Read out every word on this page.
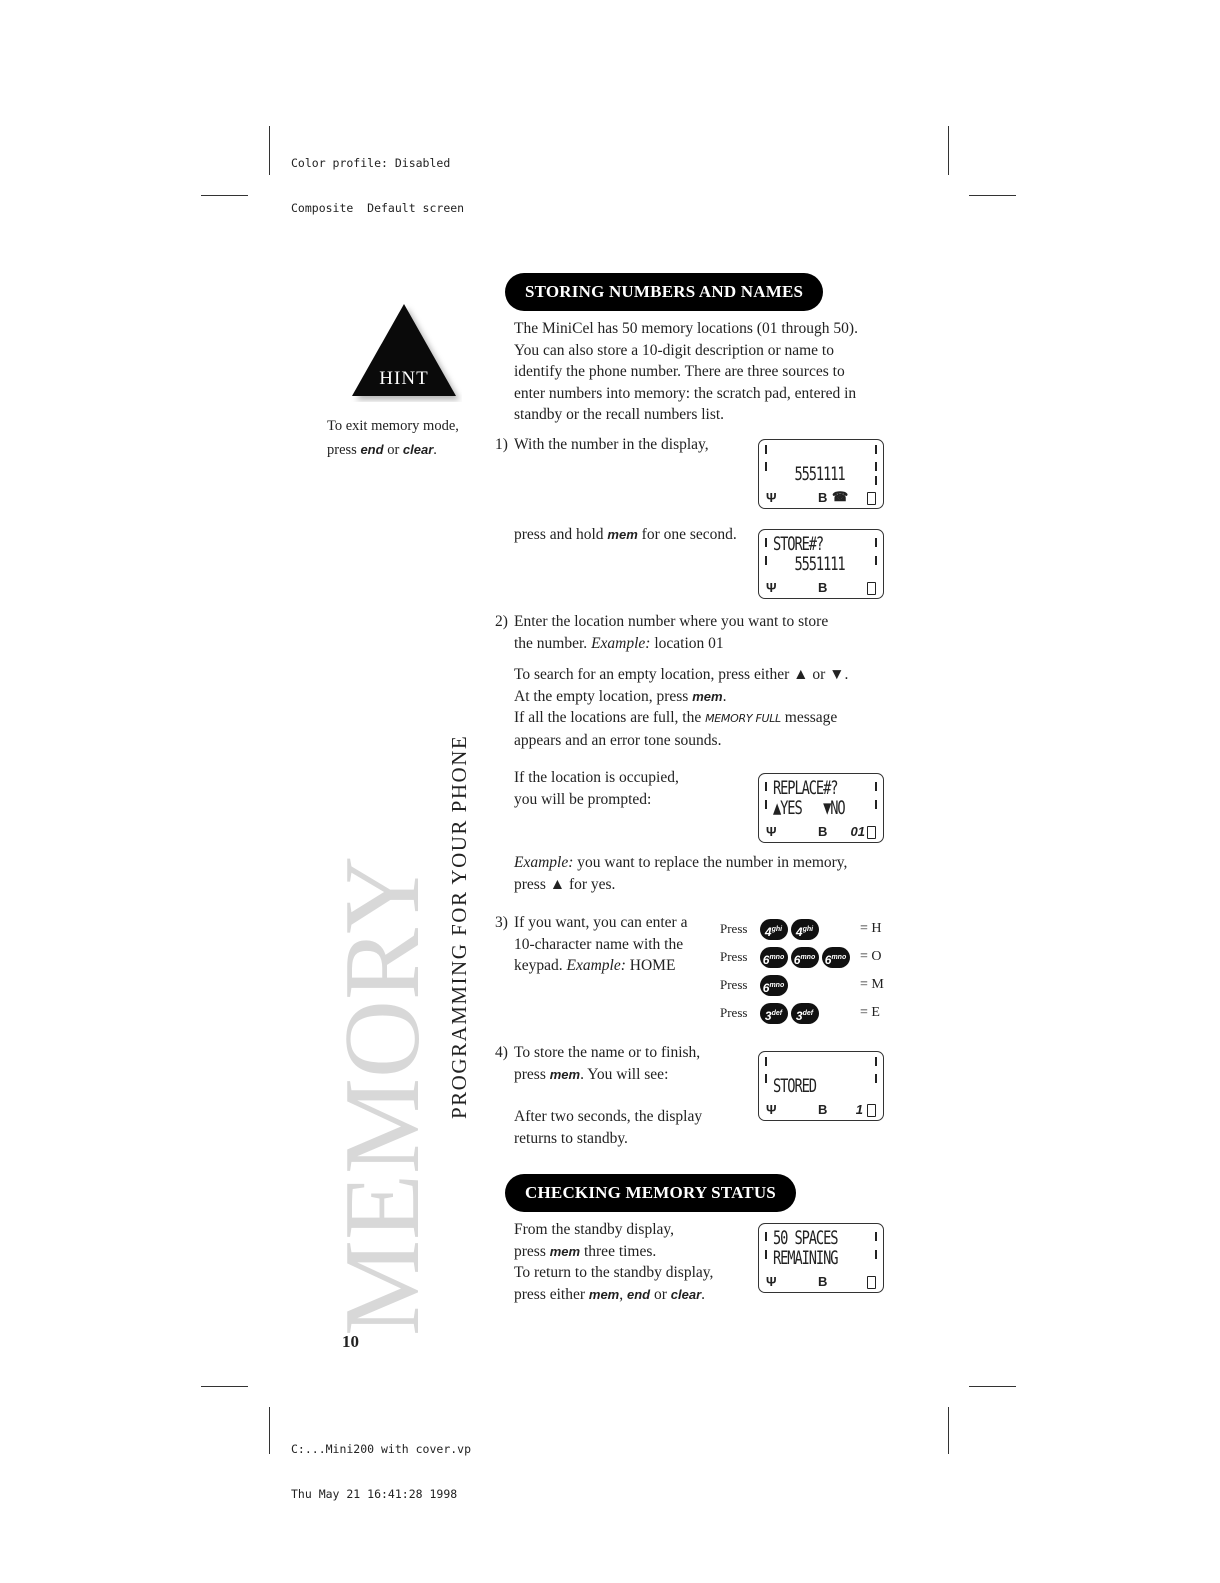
Color profile: Disabled

Composite  Default screen

C:...Mini200 with cover.vp

Thu May 21 16:41:28 1998

HINT
To exit memory mode,
press end or clear.
MEMORY PROGRAMMING FOR YOUR PHONE
10
STORING NUMBERS AND NAMES
The MiniCel has 50 memory locations (01 through 50).
You can also store a 10-digit description or name to
identify the phone number. There are three sources to
enter numbers into memory: the scratch pad, entered in
standby or the recall numbers list.
1) With the number in the display,
5551111
Ψ	B ☎
press and hold mem for one second. STORE#?
5551111
Ψ	B
2) Enter the location number where you want to store
the number. Example: location 01
To search for an empty location, press either ▲ or ▼.
At the empty location, press mem.
If all the locations are full, the MEMORY FULL message
appears and an error tone sounds.
If the location is occupied,
you will be prompted:	REPLACE#?
▲YES   ▼NO
Ψ	B 01
Example: you want to replace the number in memory,
press ▲ for yes.
3) If you want, you can enter a
10-character name with the
keypad. Example: HOME
Press $4^{ghi}$ $4^{ghi}$	= H
Press $6^{mno}$ $6^{mno}$ $6^{mno} = O$
Press $6^{mno}$	= M
Press $3^{def}$ $3^{def}$	= E
4) To store the name or to finish,
press mem. You will see:
After two seconds, the display
returns to standby.
STORED
Ψ	B 1
CHECKING MEMORY STATUS
From the standby display,
press mem three times.
To return to the standby display,
press either mem, end or clear.
50 SPACES
REMAINING
Ψ	B
